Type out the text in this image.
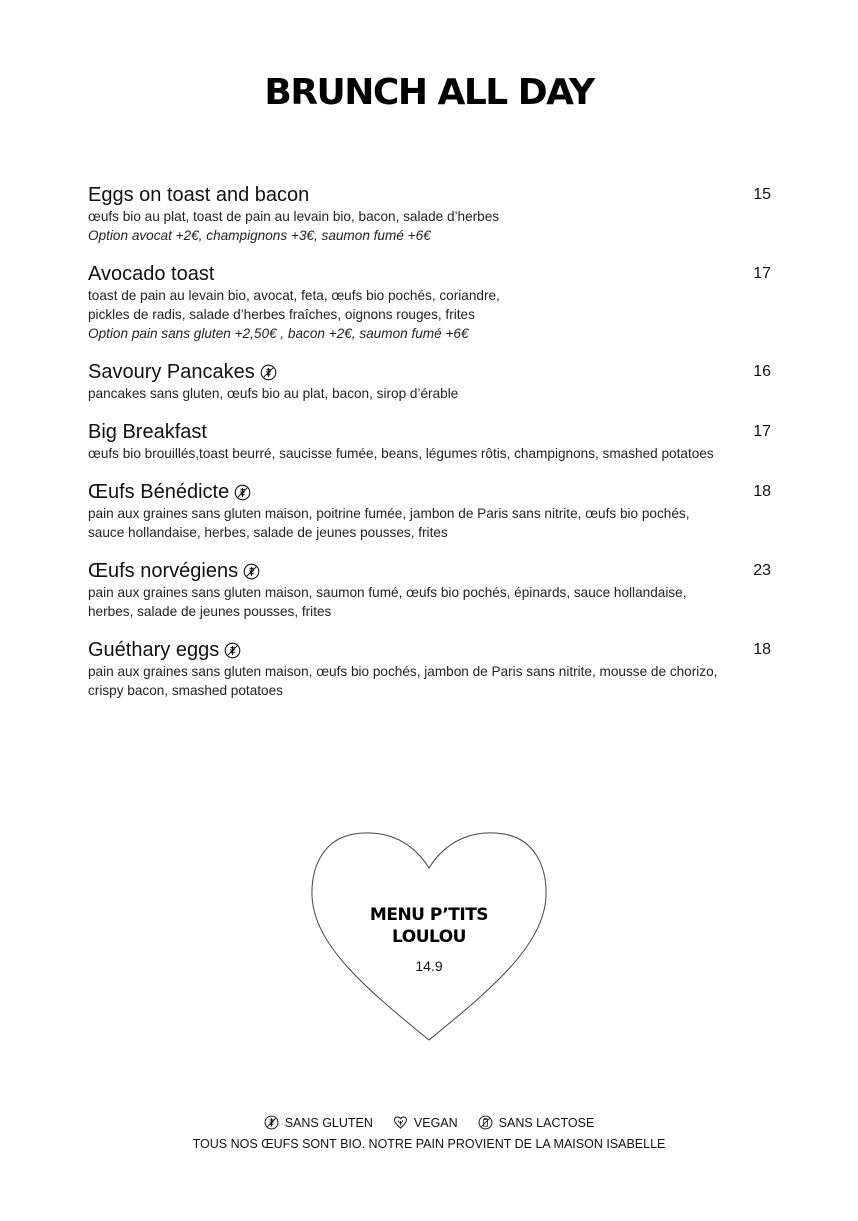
BRUNCH ALL DAY
Eggs on toast and bacon	15
œufs bio au plat, toast de pain au levain bio, bacon, salade d’herbes
Option avocat +2€, champignons +3€, saumon fumé +6€
Avocado toast	17
toast de pain au levain bio, avocat, feta, œufs bio pochés, coriandre,
pickles de radis, salade d’herbes fraîches, oignons rouges, frites
Option pain sans gluten +2,50€ , bacon +2€, saumon fumé +6€
Savoury Pancakes	16
pancakes sans gluten, œufs bio au plat, bacon, sirop d’érable
Big Breakfast	17
œufs bio brouillés,toast beurré, saucisse fumée, beans, légumes rôtis, champignons, smashed potatoes
Œufs Bénédicte	18
pain aux graines sans gluten maison, poitrine fumée, jambon de Paris sans nitrite, œufs bio pochés,
sauce hollandaise, herbes, salade de jeunes pousses, frites
Œufs norvégiens	23
pain aux graines sans gluten maison, saumon fumé, œufs bio pochés, épinards, sauce hollandaise,
herbes, salade de jeunes pousses, frites
Guéthary eggs	18
pain aux graines sans gluten maison, œufs bio pochés, jambon de Paris sans nitrite, mousse de chorizo,
crispy bacon, smashed potatoes
MENU P’TITS
LOULOU
14.9
SANS GLUTEN	VEGAN	SANS LACTOSE
TOUS NOS ŒUFS SONT BIO. NOTRE PAIN PROVIENT DE LA MAISON ISABELLE
